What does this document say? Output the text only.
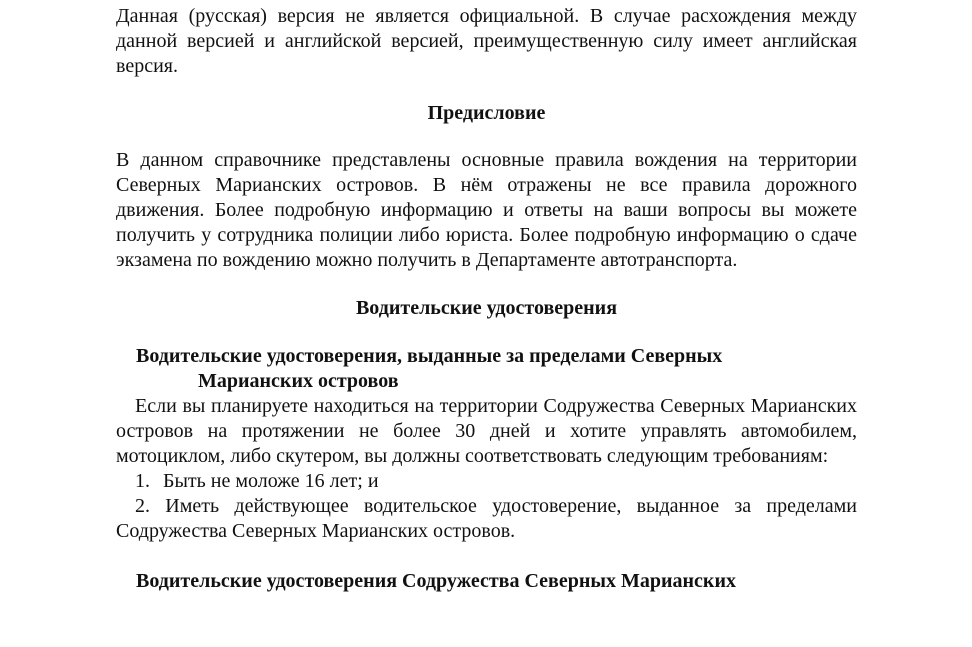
Данная (русская) версия не является официальной. В случае расхождения между данной версией и английской версией, преимущественную силу имеет английская версия.

Предисловие

В данном справочнике представлены основные правила вождения на территории Северных Марианских островов. В нём отражены не все правила дорожного движения. Более подробную информацию и ответы на ваши вопросы вы можете получить у сотрудника полиции либо юриста. Более подробную информацию о сдаче экзамена по вождению можно получить в Департаменте автотранспорта.

Водительские удостоверения

Водительские удостоверения, выданные за пределами Северных
Марианских островов

Если вы планируете находиться на территории Содружества Северных Марианских островов на протяжении не более 30 дней и хотите управлять автомобилем, мотоциклом, либо скутером, вы должны соответствовать следующим требованиям:

1. Быть не моложе 16 лет; и

2. Иметь действующее водительское удостоверение, выданное за пределами Содружества Северных Марианских островов.

Водительские удостоверения Содружества Северных Марианских
